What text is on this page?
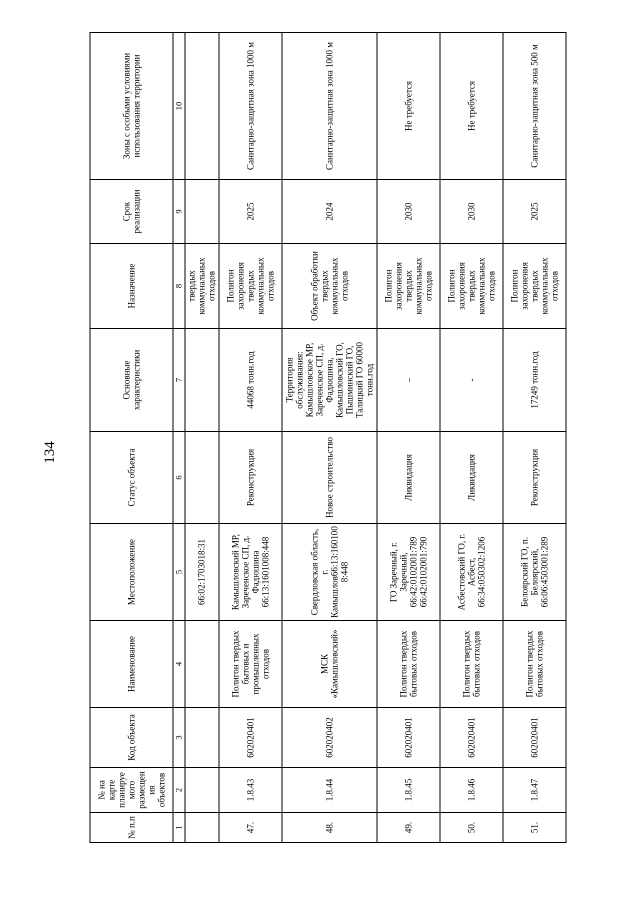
134
№ п.п	№ на карте планируемого размещения объектов	Код объекта	Наименование	Местоположение	Статус объекта	Основные характеристики	Назначение	Срок реализации	Зоны с особыми условиями использования территории
1	2	3	4	5	6	7	8	9	10
				66:02:1703018:31			твердых коммунальных отходов		
47.	1.8.43	602020401	Полигон твердых бытовых и промышленных отходов	Камышловский МР, Зареченское СП, д. Фадюшина 66:13:1601008:448	Реконструкция	44068 тонн.год	Полигон захоронения твердых коммунальных отходов	2025	Санитарно-защитная зона 1000 м
48.	1.8.44	602020402	МСК «Камышловский»	Свердловская область, г. Камышлов66:13:1601008:448	Новое строительство	Территория обслуживания: Камышловское МР, Зареченское СП, д. Фадюшина, Камышловский ГО, Пышминский ГО, Талицкий ГО 60000 тонн.год	Объект обработки твердых коммунальных отходов	2024	Санитарно-защитная зона 1000 м
49.	1.8.45	602020401	Полигон твердых бытовых отходов	ГО Заречный, г. Заречный, 66:42:0102001:789 66:42:0102001:790	Ликвидация	–	Полигон захоронения твердых коммунальных отходов	2030	Не требуется
50.	1.8.46	602020401	Полигон твердых бытовых отходов	Асбестовский ГО, г. Асбест, 66:34:050302:1206	Ликвидация	-	Полигон захоронения твердых коммунальных отходов	2030	Не требуется
51.	1.8.47	602020401	Полигон твердых бытовых отходов	Белоярский ГО, п. Белоярский, 66:06:4503001:289	Реконструкция	17249 тонн.год	Полигон захоронения твердых коммунальных отходов	2025	Санитарно-защитная зона 500 м
